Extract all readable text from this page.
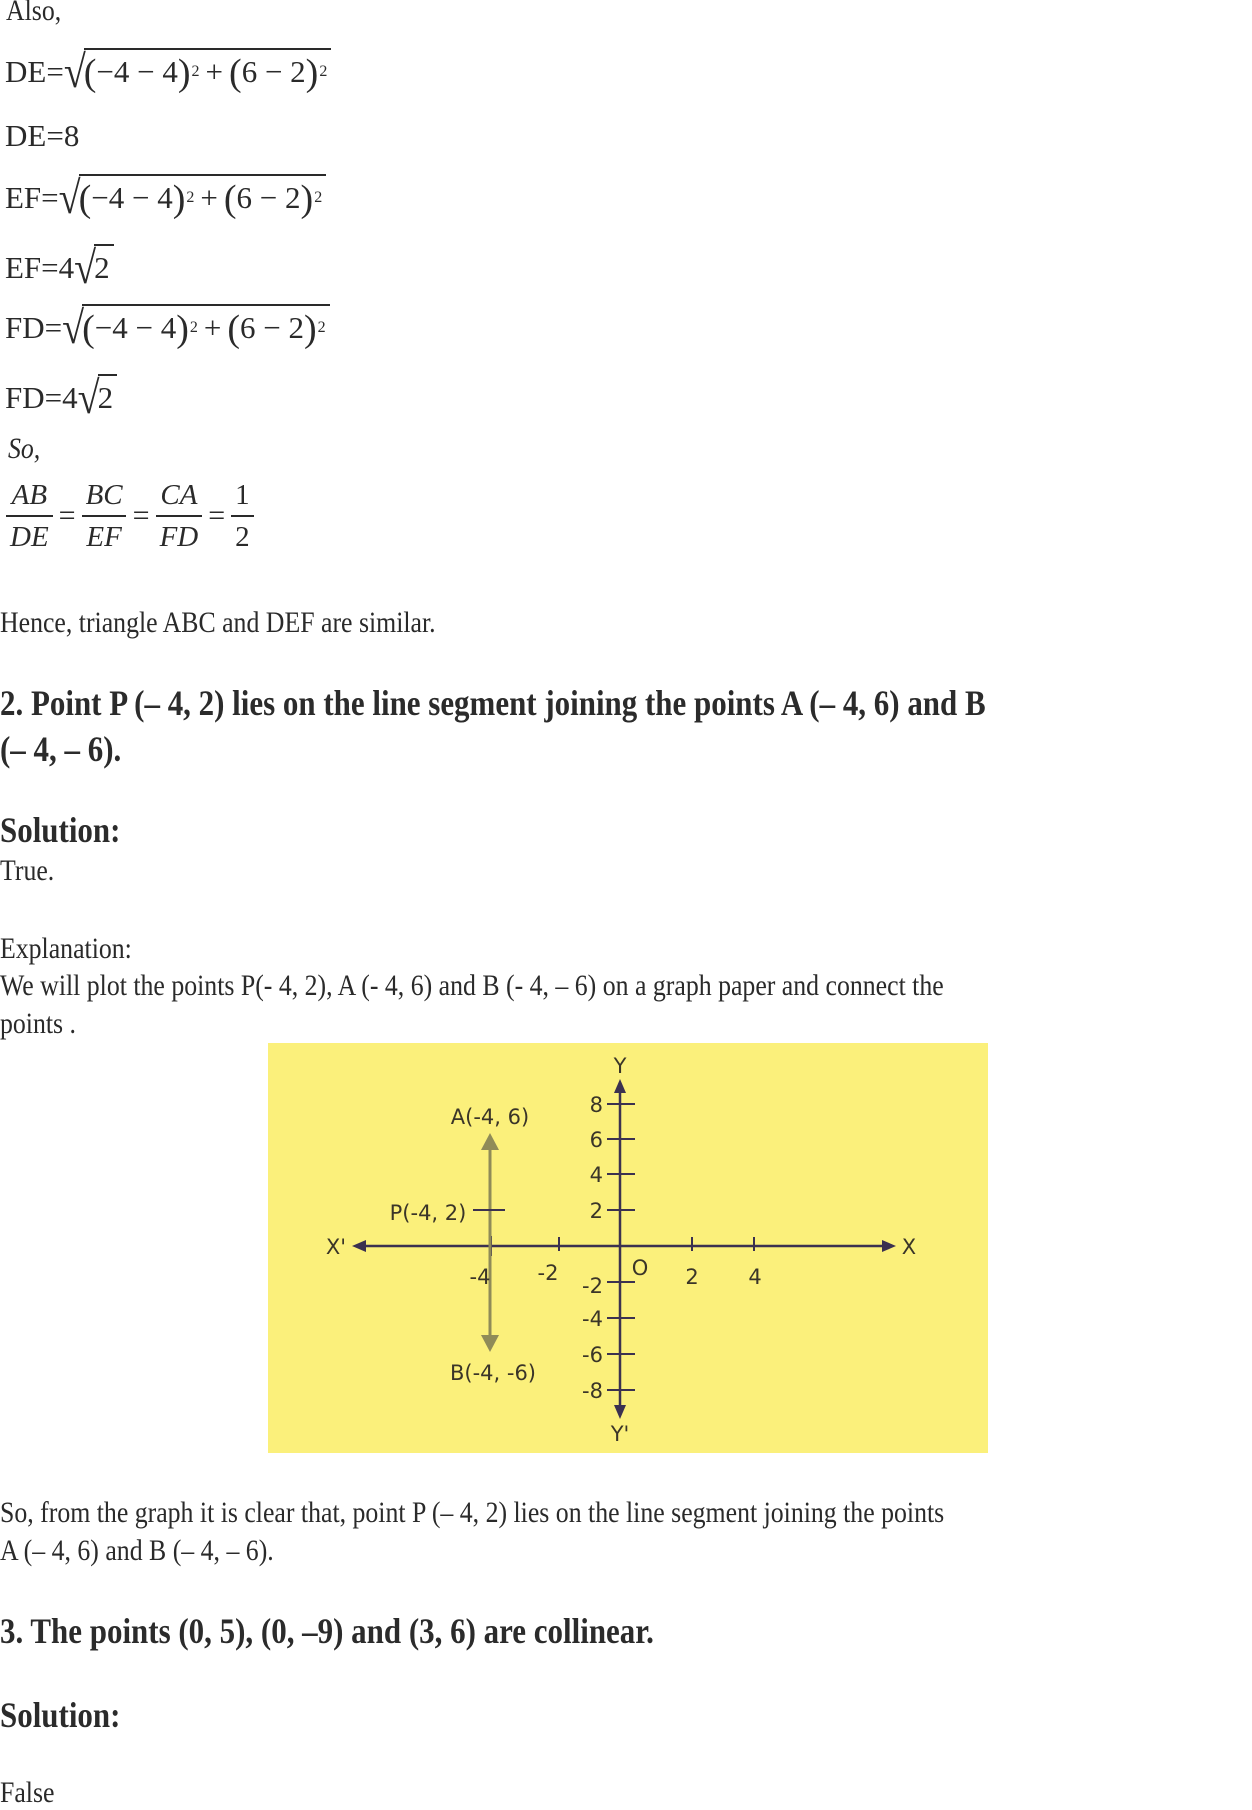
Also,
DE= √
( −4 − 4 ) 2 + ( 6 − 2 ) 2
DE= 8
EF= √
( −4 − 4 ) 2 + ( 6 − 2 ) 2
EF= 4 √
2
FD= √
( −4 − 4 ) 2 + ( 6 − 2 ) 2
FD= 4 √
2
So,
$\frac{AB}{DE} = \frac{BC}{EF} = \frac{CA}{FD} = \frac{1}{2}$
Hence, triangle ABC and DEF are similar.
2. Point P (– 4, 2) lies on the line segment joining the points A (– 4, 6) and B
(– 4, – 6).
Solution:
True.
Explanation:
We will plot the points P(- 4, 2), A (- 4, 6) and B (- 4, – 6) on a graph paper and connect the
points .
Y
Y'
X
X'
O
-4 -2	2 4
8
6
4
2
-2
-4
-6
-8
A(-4, 6)
P(-4, 2)
B(-4, -6)
So, from the graph it is clear that, point P (– 4, 2) lies on the line segment joining the points
A (– 4, 6) and B (– 4, – 6).
3. The points (0, 5), (0, –9) and (3, 6) are collinear.
Solution:
False
